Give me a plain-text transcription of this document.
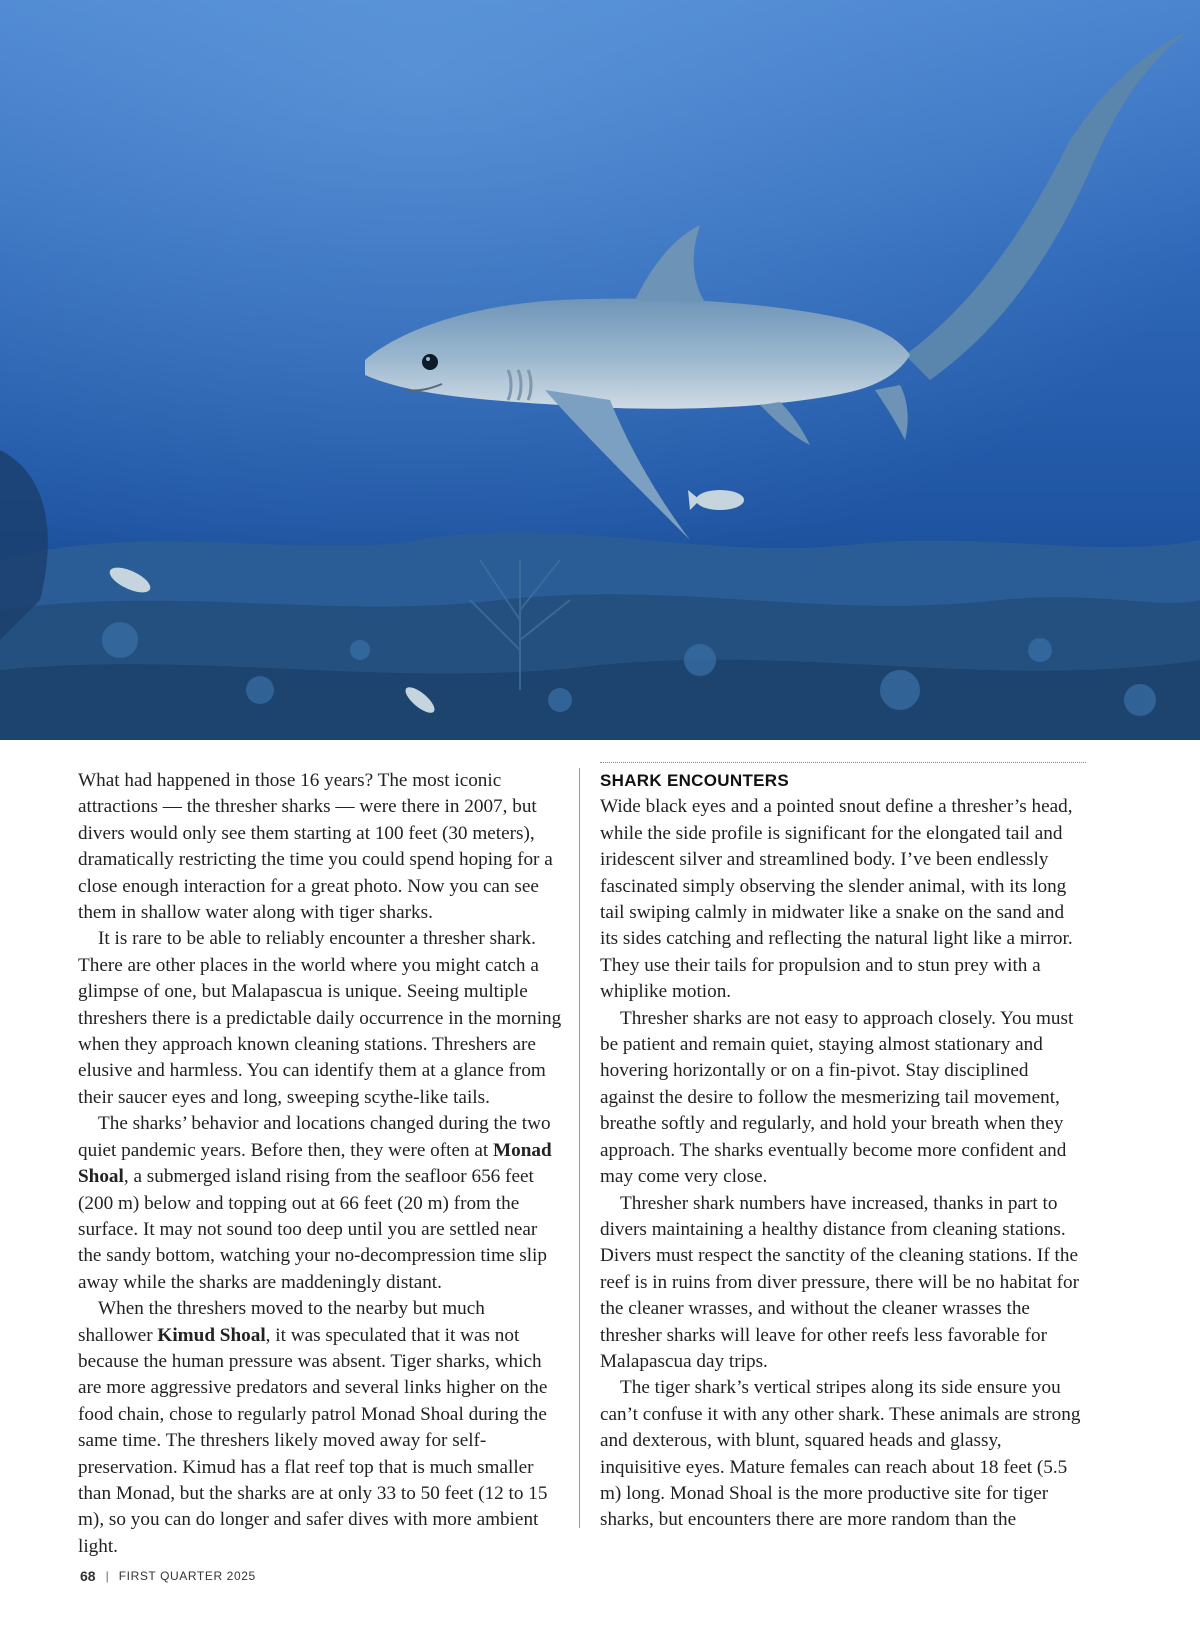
What had happened in those 16 years? The most iconic attractions — the thresher sharks — were there in 2007, but divers would only see them starting at 100 feet (30 meters), dramatically restricting the time you could spend hoping for a close enough interaction for a great photo. Now you can see them in shallow water along with tiger sharks.

It is rare to be able to reliably encounter a thresher shark. There are other places in the world where you might catch a glimpse of one, but Malapascua is unique. Seeing multiple threshers there is a predictable daily occurrence in the morning when they approach known cleaning stations. Threshers are elusive and harmless. You can identify them at a glance from their saucer eyes and long, sweeping scythe-like tails.

The sharks’ behavior and locations changed during the two quiet pandemic years. Before then, they were often at Monad Shoal, a submerged island rising from the seafloor 656 feet (200 m) below and topping out at 66 feet (20 m) from the surface. It may not sound too deep until you are settled near the sandy bottom, watching your no-decompression time slip away while the sharks are maddeningly distant.

When the threshers moved to the nearby but much shallower Kimud Shoal, it was speculated that it was not because the human pressure was absent. Tiger sharks, which are more aggressive predators and several links higher on the food chain, chose to regularly patrol Monad Shoal during the same time. The threshers likely moved away for self-preservation. Kimud has a flat reef top that is much smaller than Monad, but the sharks are at only 33 to 50 feet (12 to 15 m), so you can do longer and safer dives with more ambient light.

SHARK ENCOUNTERS

Wide black eyes and a pointed snout define a thresher’s head, while the side profile is significant for the elongated tail and iridescent silver and streamlined body. I’ve been endlessly fascinated simply observing the slender animal, with its long tail swiping calmly in midwater like a snake on the sand and its sides catching and reflecting the natural light like a mirror. They use their tails for propulsion and to stun prey with a whiplike motion.

Thresher sharks are not easy to approach closely. You must be patient and remain quiet, staying almost stationary and hovering horizontally or on a fin-pivot. Stay disciplined against the desire to follow the mesmerizing tail movement, breathe softly and regularly, and hold your breath when they approach. The sharks eventually become more confident and may come very close.

Thresher shark numbers have increased, thanks in part to divers maintaining a healthy distance from cleaning stations. Divers must respect the sanctity of the cleaning stations. If the reef is in ruins from diver pressure, there will be no habitat for the cleaner wrasses, and without the cleaner wrasses the thresher sharks will leave for other reefs less favorable for Malapascua day trips.

The tiger shark’s vertical stripes along its side ensure you can’t confuse it with any other shark. These animals are strong and dexterous, with blunt, squared heads and glassy, inquisitive eyes. Mature females can reach about 18 feet (5.5 m) long. Monad Shoal is the more productive site for tiger sharks, but encounters there are more random than the

68 | FIRST QUARTER 2025
